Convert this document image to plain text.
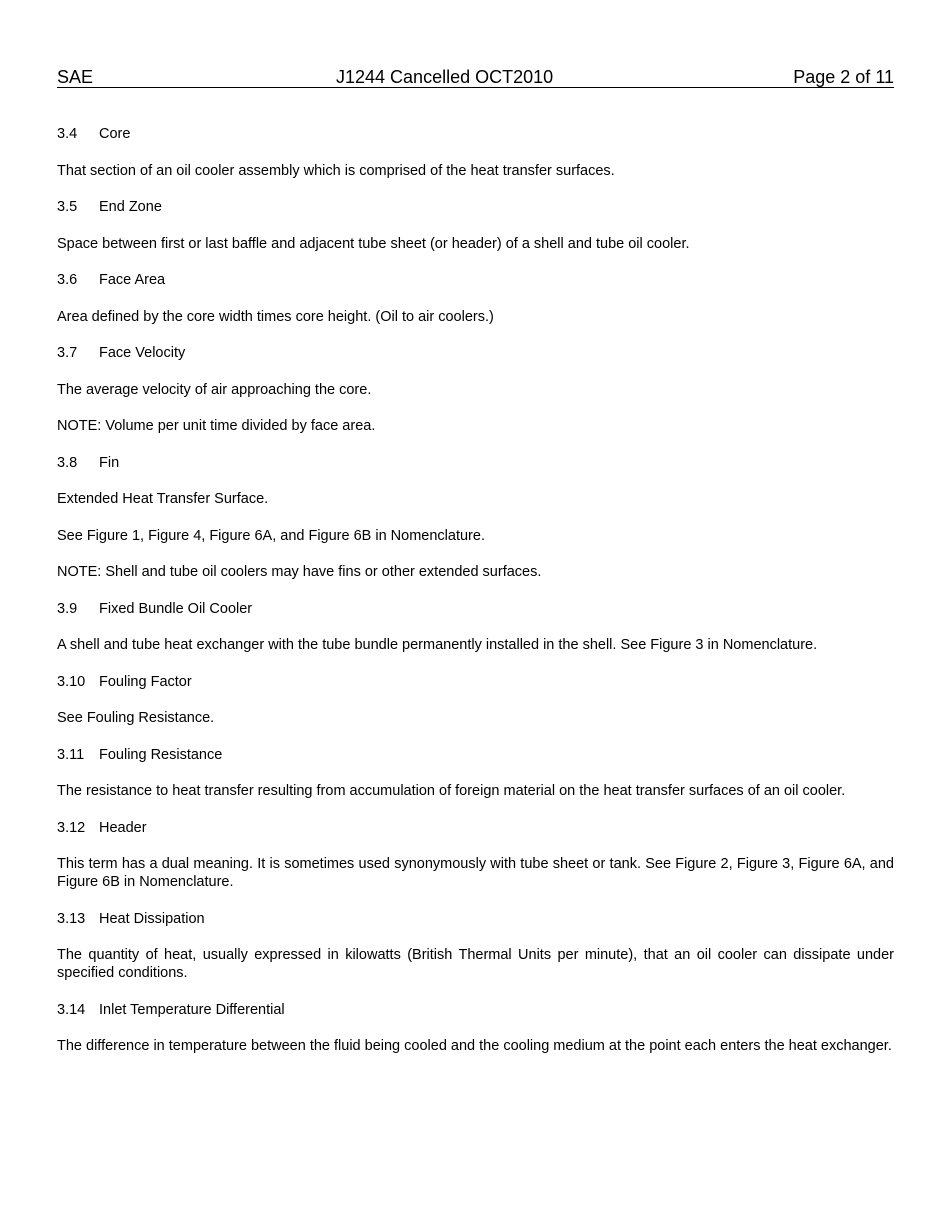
SAE	J1244 Cancelled OCT2010	Page 2 of 11
3.4 Core
That section of an oil cooler assembly which is comprised of the heat transfer surfaces.
3.5 End Zone
Space between first or last baffle and adjacent tube sheet (or header) of a shell and tube oil cooler.
3.6 Face Area
Area defined by the core width times core height. (Oil to air coolers.)
3.7 Face Velocity
The average velocity of air approaching the core.
NOTE: Volume per unit time divided by face area.
3.8 Fin
Extended Heat Transfer Surface.
See Figure 1, Figure 4, Figure 6A, and Figure 6B in Nomenclature.
NOTE: Shell and tube oil coolers may have fins or other extended surfaces.
3.9 Fixed Bundle Oil Cooler
A shell and tube heat exchanger with the tube bundle permanently installed in the shell. See Figure 3 in Nomenclature.
3.10 Fouling Factor
See Fouling Resistance.
3.11 Fouling Resistance
The resistance to heat transfer resulting from accumulation of foreign material on the heat transfer surfaces of an oil cooler.
3.12 Header
This term has a dual meaning. It is sometimes used synonymously with tube sheet or tank. See Figure 2, Figure 3, Figure 6A, and Figure 6B in Nomenclature.
3.13 Heat Dissipation
The quantity of heat, usually expressed in kilowatts (British Thermal Units per minute), that an oil cooler can dissipate under specified conditions.
3.14 Inlet Temperature Differential
The difference in temperature between the fluid being cooled and the cooling medium at the point each enters the heat exchanger.
